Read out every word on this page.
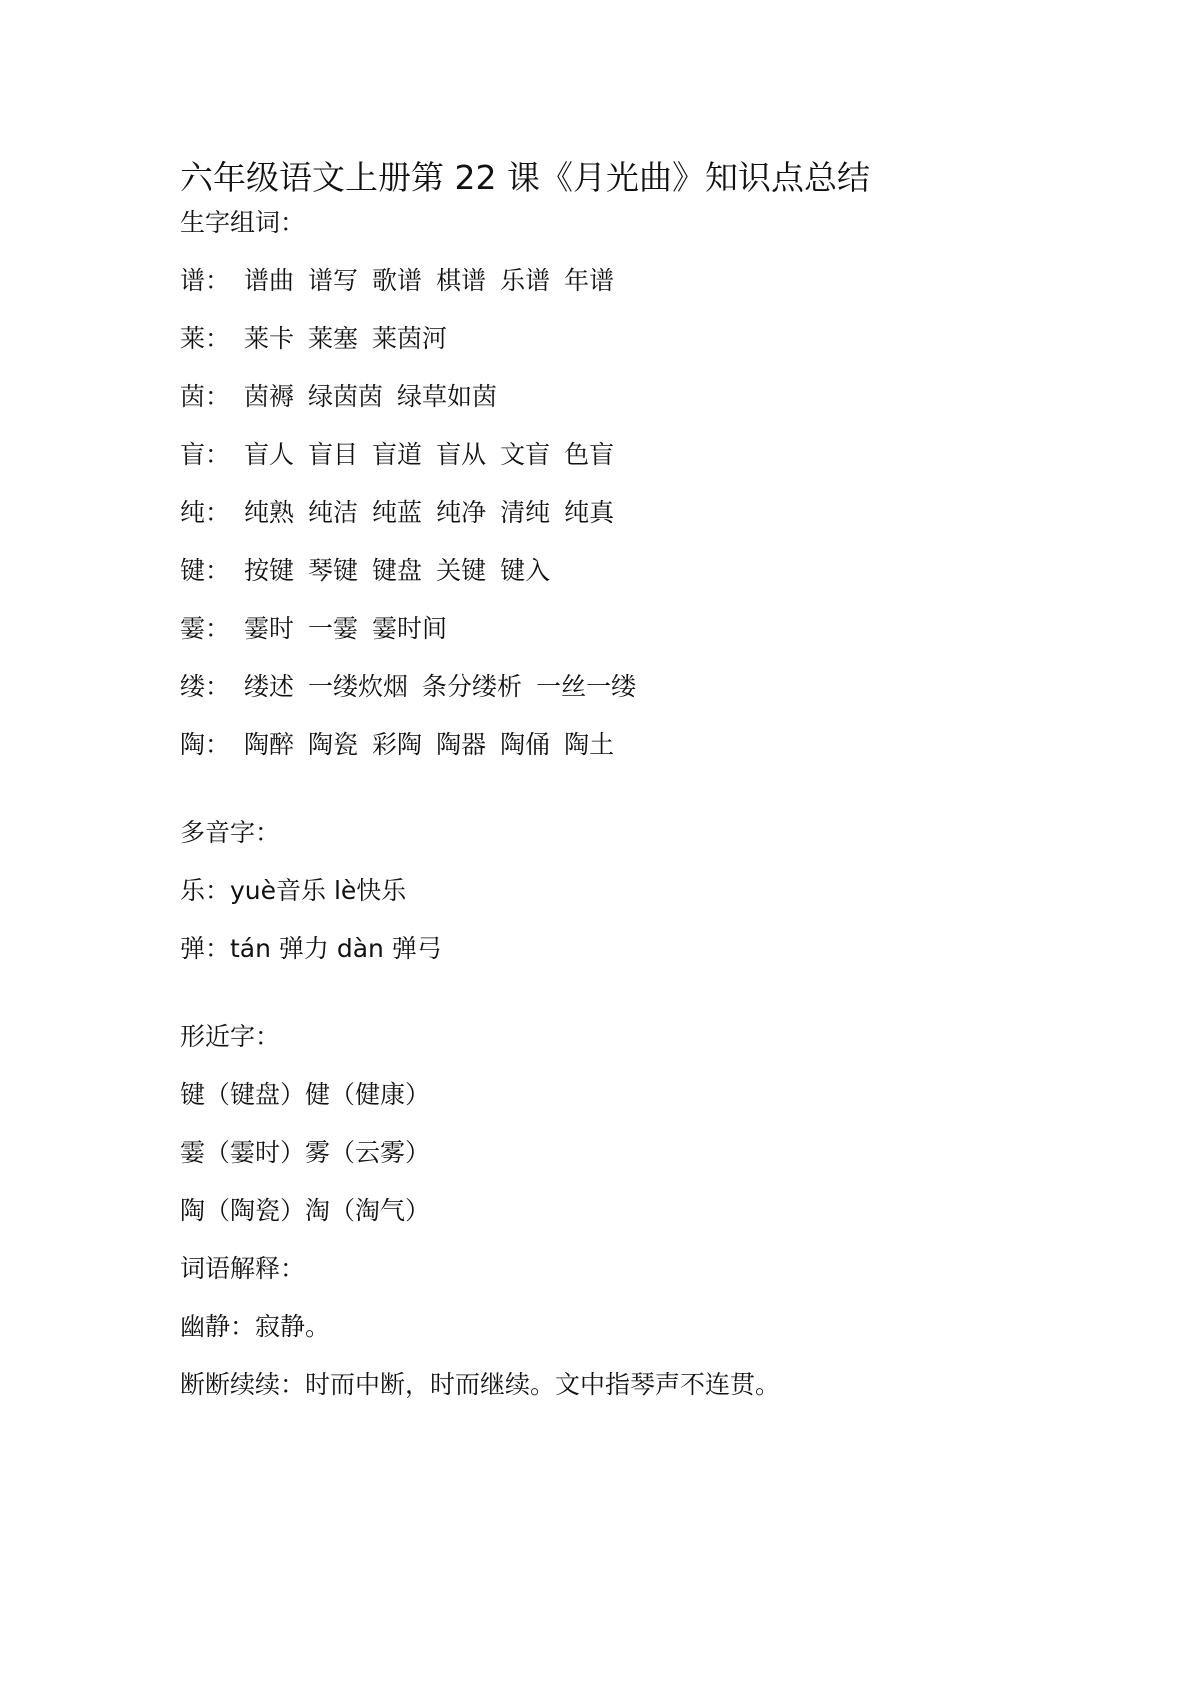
六年级语文上册第 22 课《月光曲》知识点总结
生字组词：
谱： 谱曲 谱写 歌谱 棋谱 乐谱 年谱
莱： 莱卡 莱塞 莱茵河
茵： 茵褥 绿茵茵 绿草如茵
盲： 盲人 盲目 盲道 盲从 文盲 色盲
纯： 纯熟 纯洁 纯蓝 纯净 清纯 纯真
键： 按键 琴键 键盘 关键 键入
霎： 霎时 一霎 霎时间
缕： 缕述 一缕炊烟 条分缕析 一丝一缕
陶： 陶醉 陶瓷 彩陶 陶器 陶俑 陶土
多音字：
乐：yuè音乐 lè快乐
弹：tán 弹力 dàn 弹弓
形近字：
键（键盘）健（健康）
霎（霎时）雾（云雾）
陶（陶瓷）淘（淘气）
词语解释：
幽静：寂静。
断断续续：时而中断，时而继续。文中指琴声不连贯。
